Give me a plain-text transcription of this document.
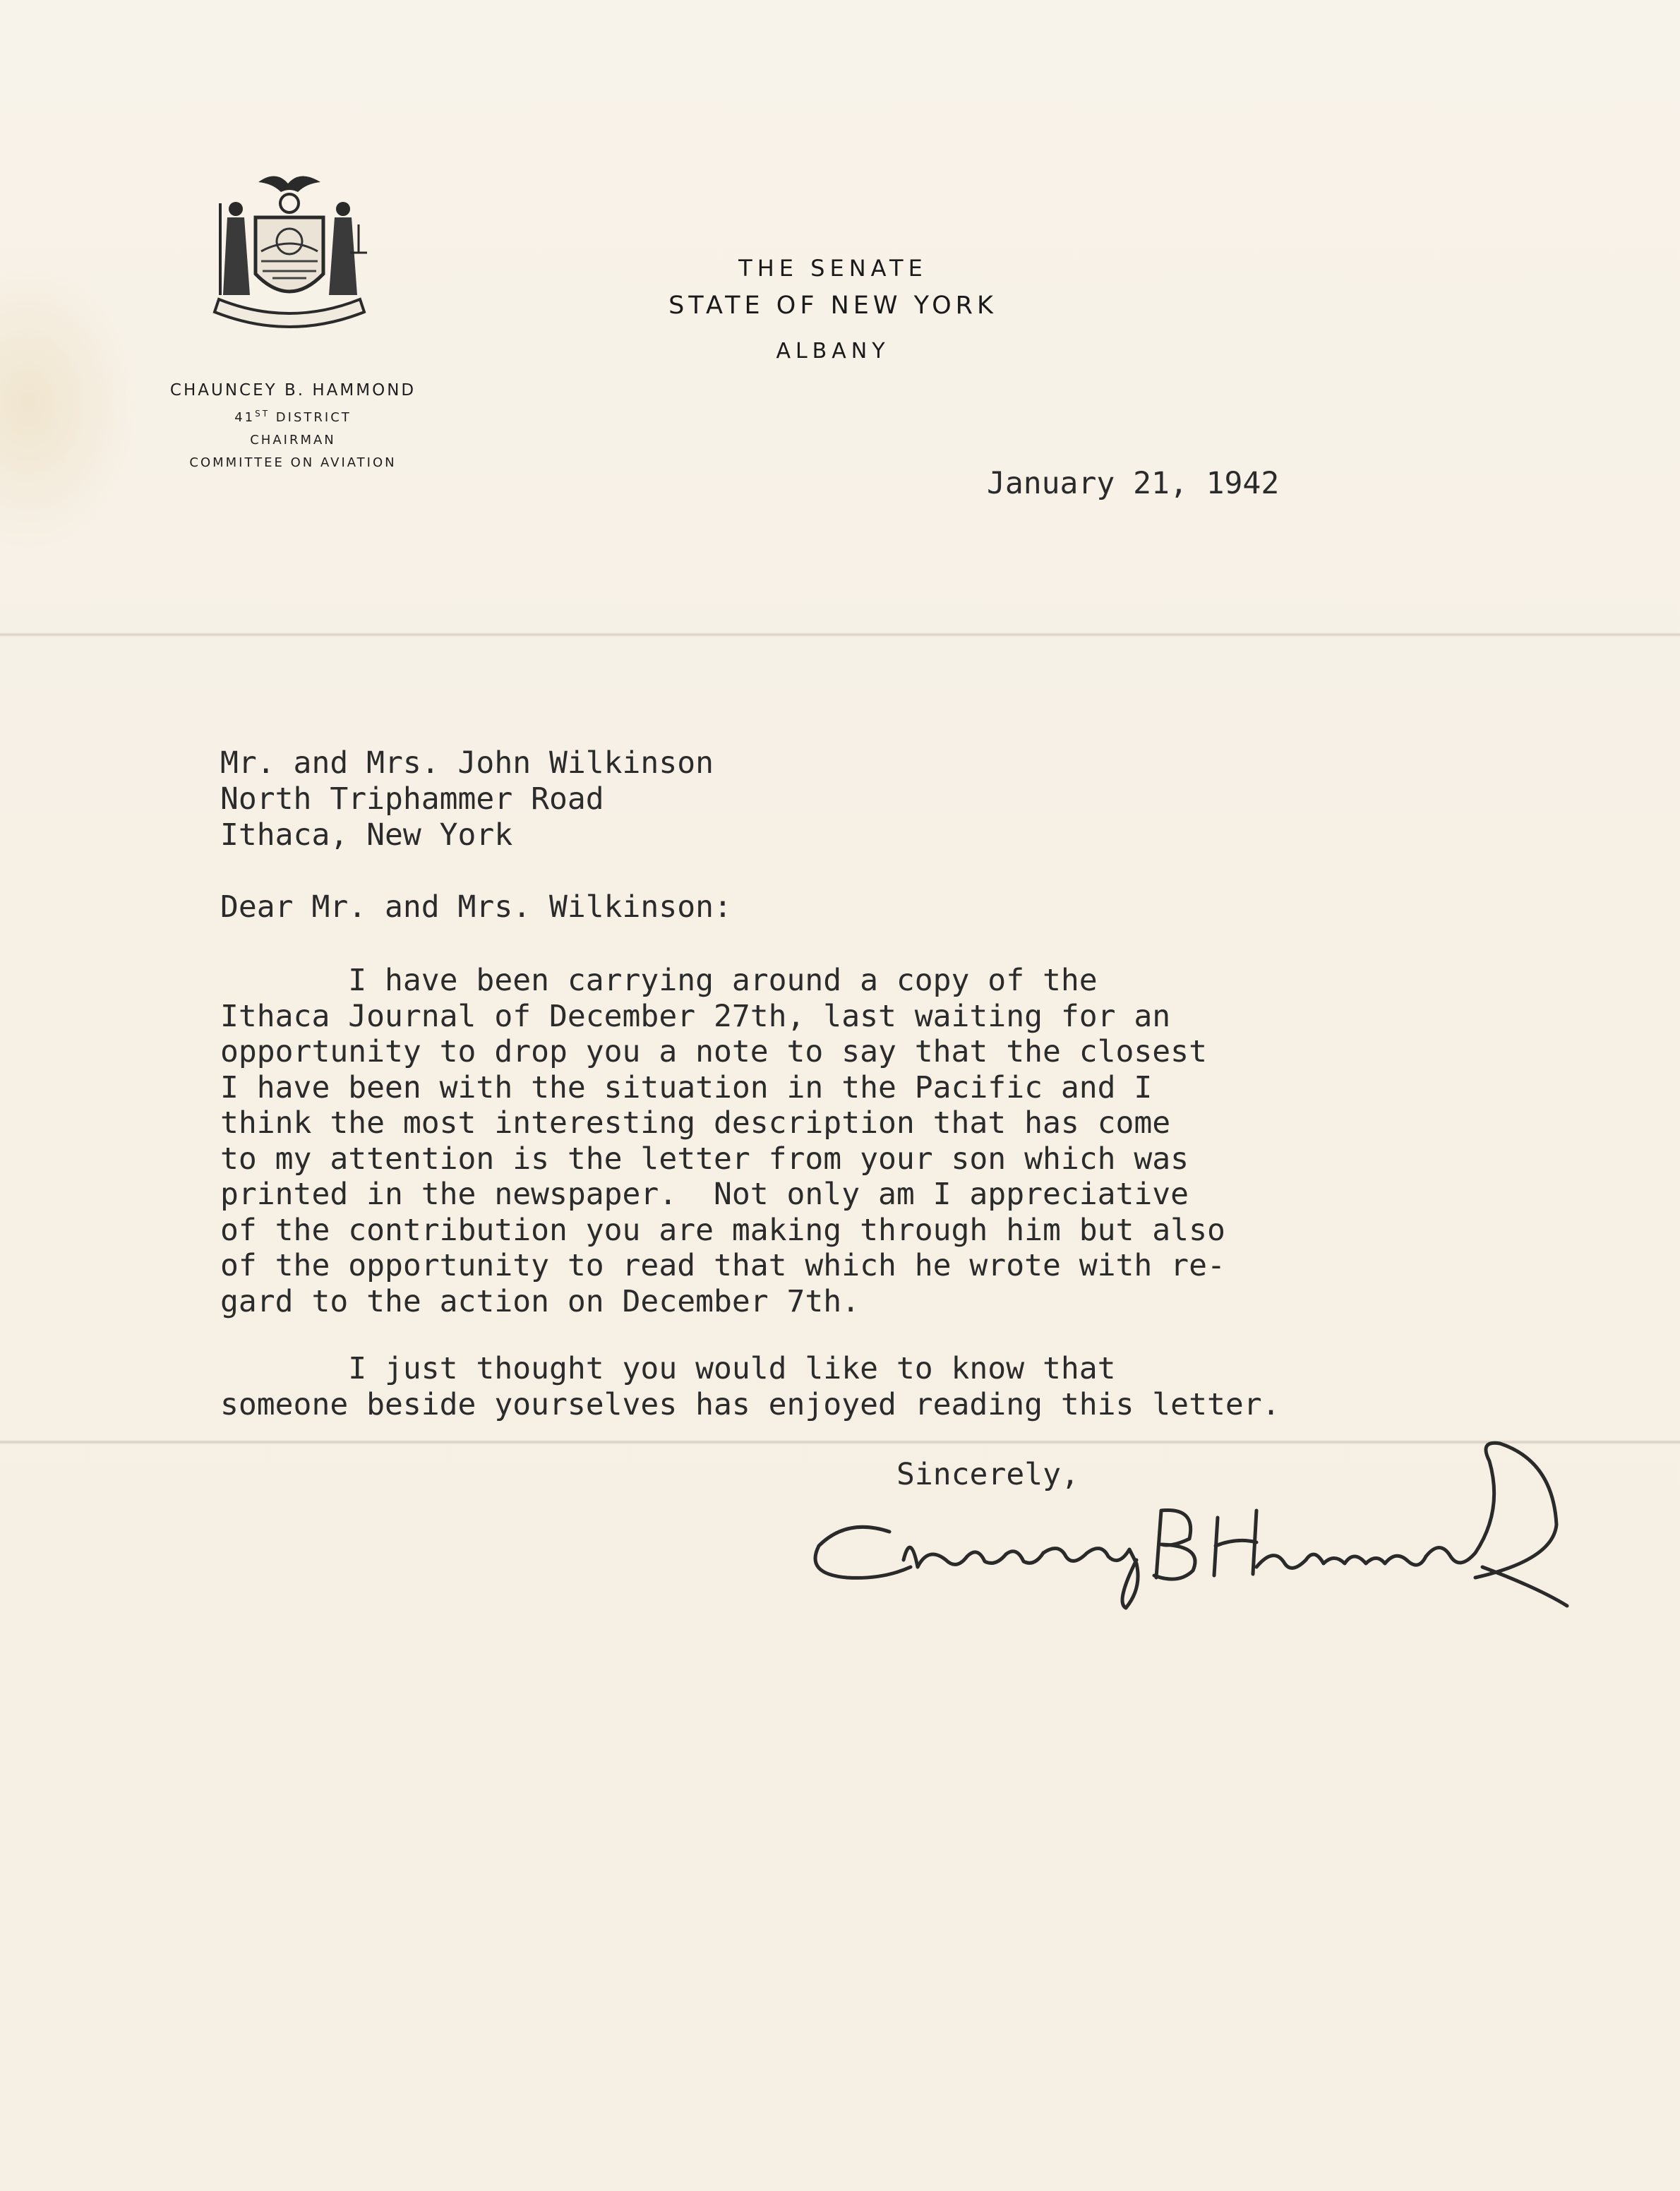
CHAUNCEY B. HAMMOND
41ST DISTRICT
CHAIRMAN
COMMITTEE ON AVIATION
THE SENATE
STATE OF NEW YORK
ALBANY
January 21, 1942
Mr. and Mrs. John Wilkinson
North Triphammer Road
Ithaca, New York
Dear Mr. and Mrs. Wilkinson:
I have been carrying around a copy of the
Ithaca Journal of December 27th, last waiting for an
opportunity to drop you a note to say that the closest
I have been with the situation in the Pacific and I
think the most interesting description that has come
to my attention is the letter from your son which was
printed in the newspaper.  Not only am I appreciative
of the contribution you are making through him but also
of the opportunity to read that which he wrote with re-
gard to the action on December 7th.
I just thought you would like to know that
someone beside yourselves has enjoyed reading this letter.
Sincerely,
